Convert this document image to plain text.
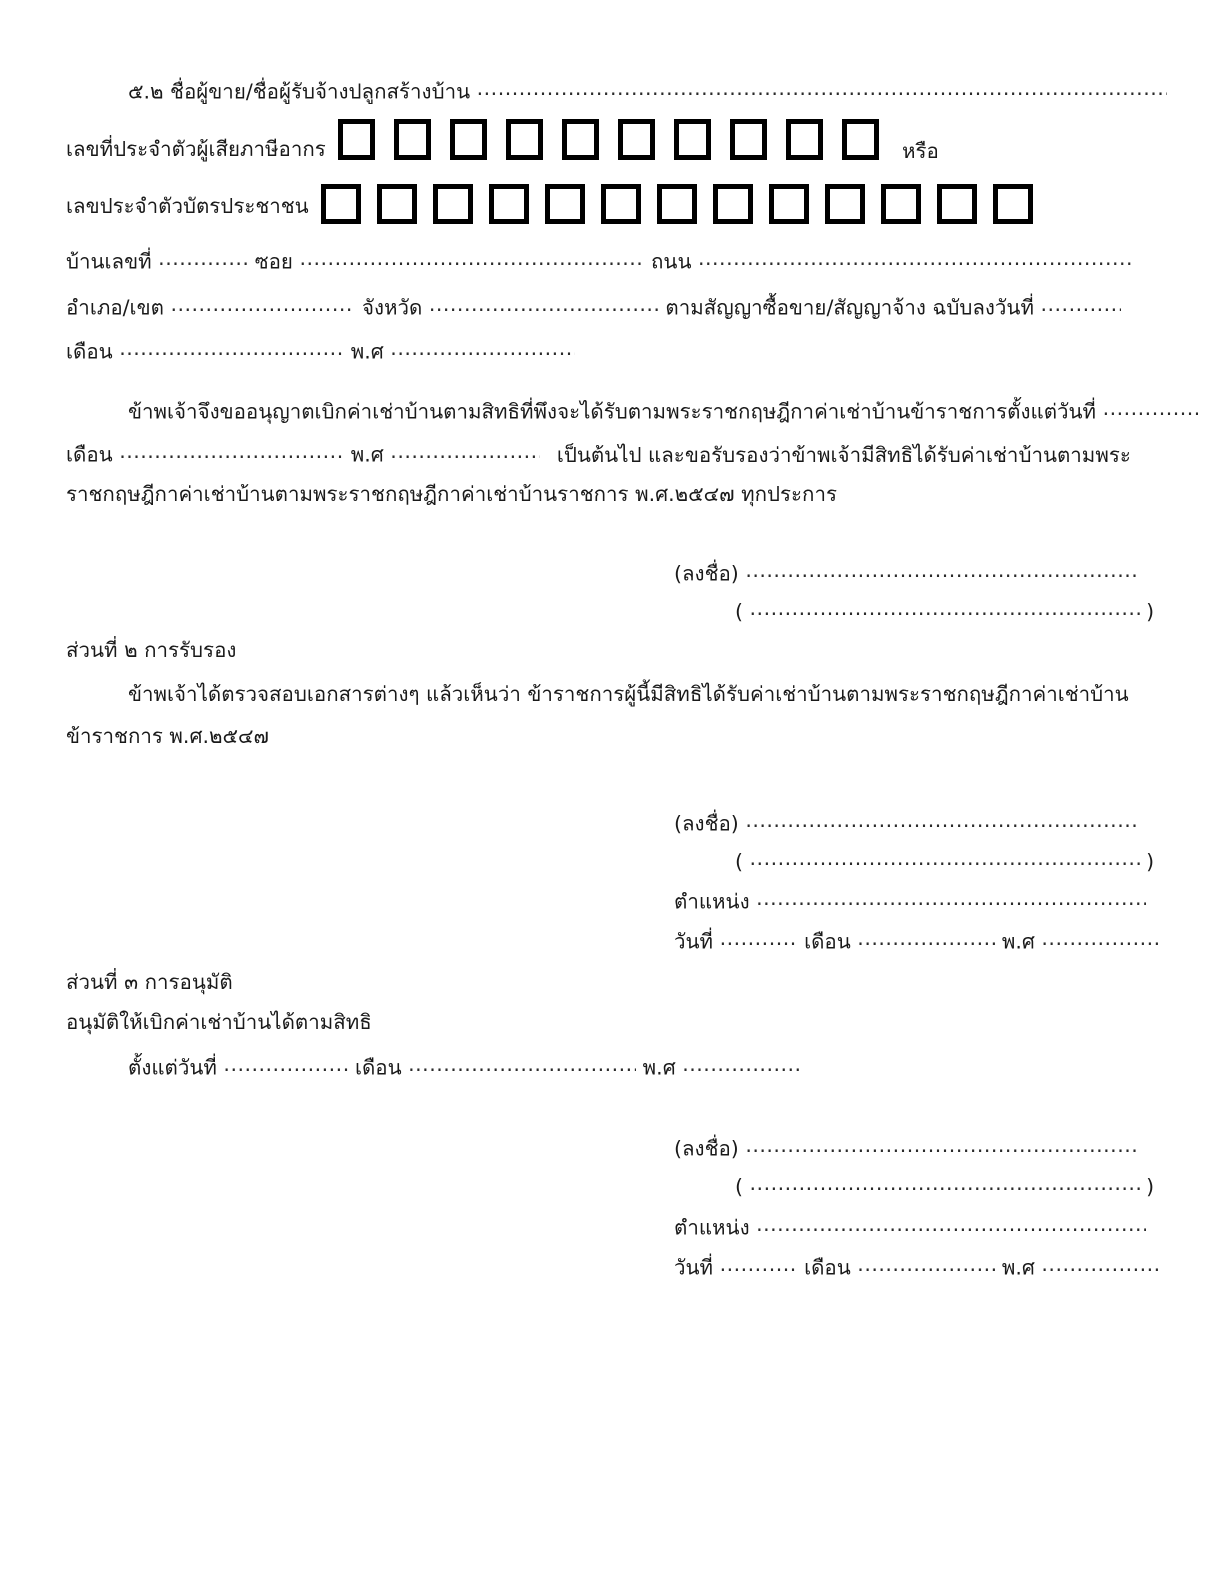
๕.๒ ชื่อผู้ขาย/ชื่อผู้รับจ้างปลูกสร้างบ้าน .....
เลขที่ประจำตัวผู้เสียภาษีอากร	หรือ
เลขประจำตัวบัตรประชาชน
บ้านเลขที่ .....	ซอย .....	ถนน .....
อำเภอ/เขต .....	จังหวัด .....	ตามสัญญาซื้อขาย/สัญญาจ้าง ฉบับลงวันที่ .....
เดือน .....	พ.ศ .....
ข้าพเจ้าจึงขออนุญาตเบิกค่าเช่าบ้านตามสิทธิที่พึงจะได้รับตามพระราชกฤษฎีกาค่าเช่าบ้านข้าราชการตั้งแต่วันที่ .....
เดือน .....	พ.ศ .....	เป็นต้นไป และขอรับรองว่าข้าพเจ้ามีสิทธิได้รับค่าเช่าบ้านตามพระ
ราชกฤษฎีกาค่าเช่าบ้านตามพระราชกฤษฎีกาค่าเช่าบ้านราชการ พ.ศ.๒๕๔๗ ทุกประการ
(ลงชื่อ) .....
( .....	)
ส่วนที่ ๒ การรับรอง
ข้าพเจ้าได้ตรวจสอบเอกสารต่างๆ แล้วเห็นว่า ข้าราชการผู้นี้มีสิทธิได้รับค่าเช่าบ้านตามพระราชกฤษฎีกาค่าเช่าบ้าน
ข้าราชการ พ.ศ.๒๕๔๗
(ลงชื่อ) .....
( .....	)
ตำแหน่ง .....
วันที่ .....	เดือน .....	พ.ศ .....
ส่วนที่ ๓ การอนุมัติ
อนุมัติให้เบิกค่าเช่าบ้านได้ตามสิทธิ
ตั้งแต่วันที่ .....	เดือน .....	พ.ศ .....
(ลงชื่อ) .....
( .....	)
ตำแหน่ง .....
วันที่ .....	เดือน .....	พ.ศ .....
